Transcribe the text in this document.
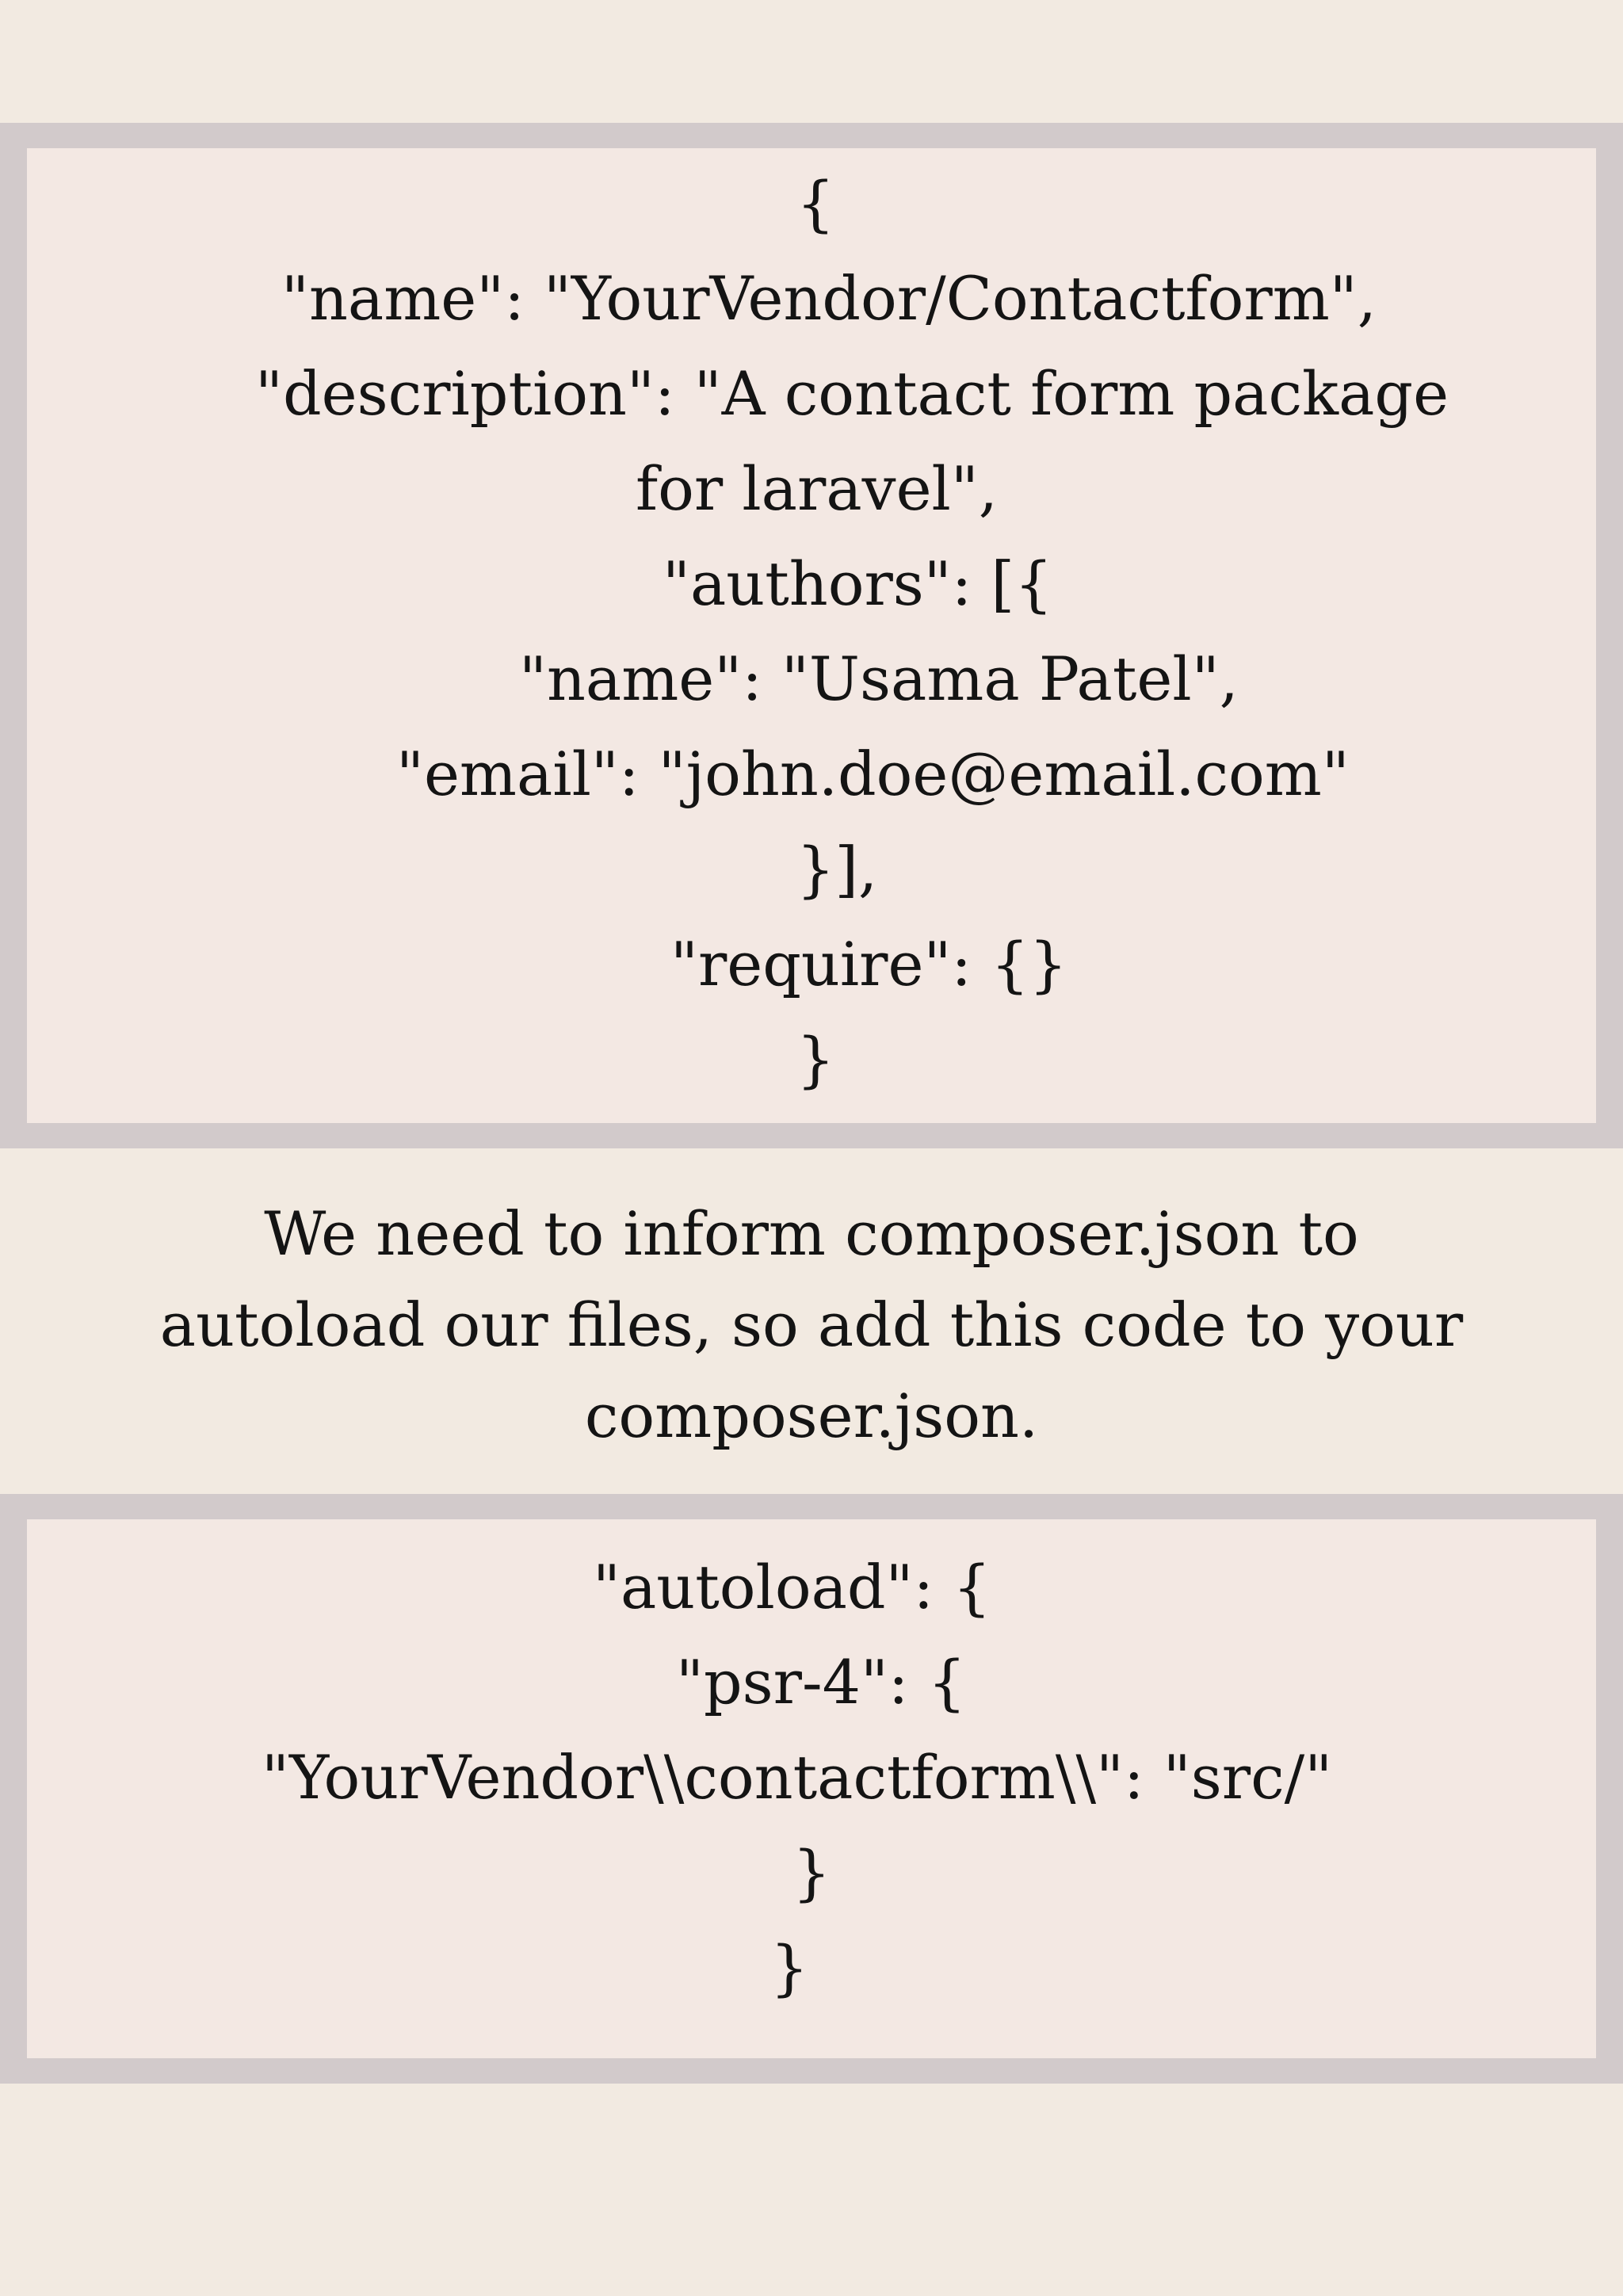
{
"name": "YourVendor/Contactform",
"description": "A contact form package
for laravel",
"authors": [{
"name": "Usama Patel",
"email": "john.doe@email.com"
}],
"require": {}
}
We need to inform composer.json to
autoload our files, so add this code to your
composer.json.
"autoload": {
"psr-4": {
"YourVendor\\contactform\\": "src/"
}
}
